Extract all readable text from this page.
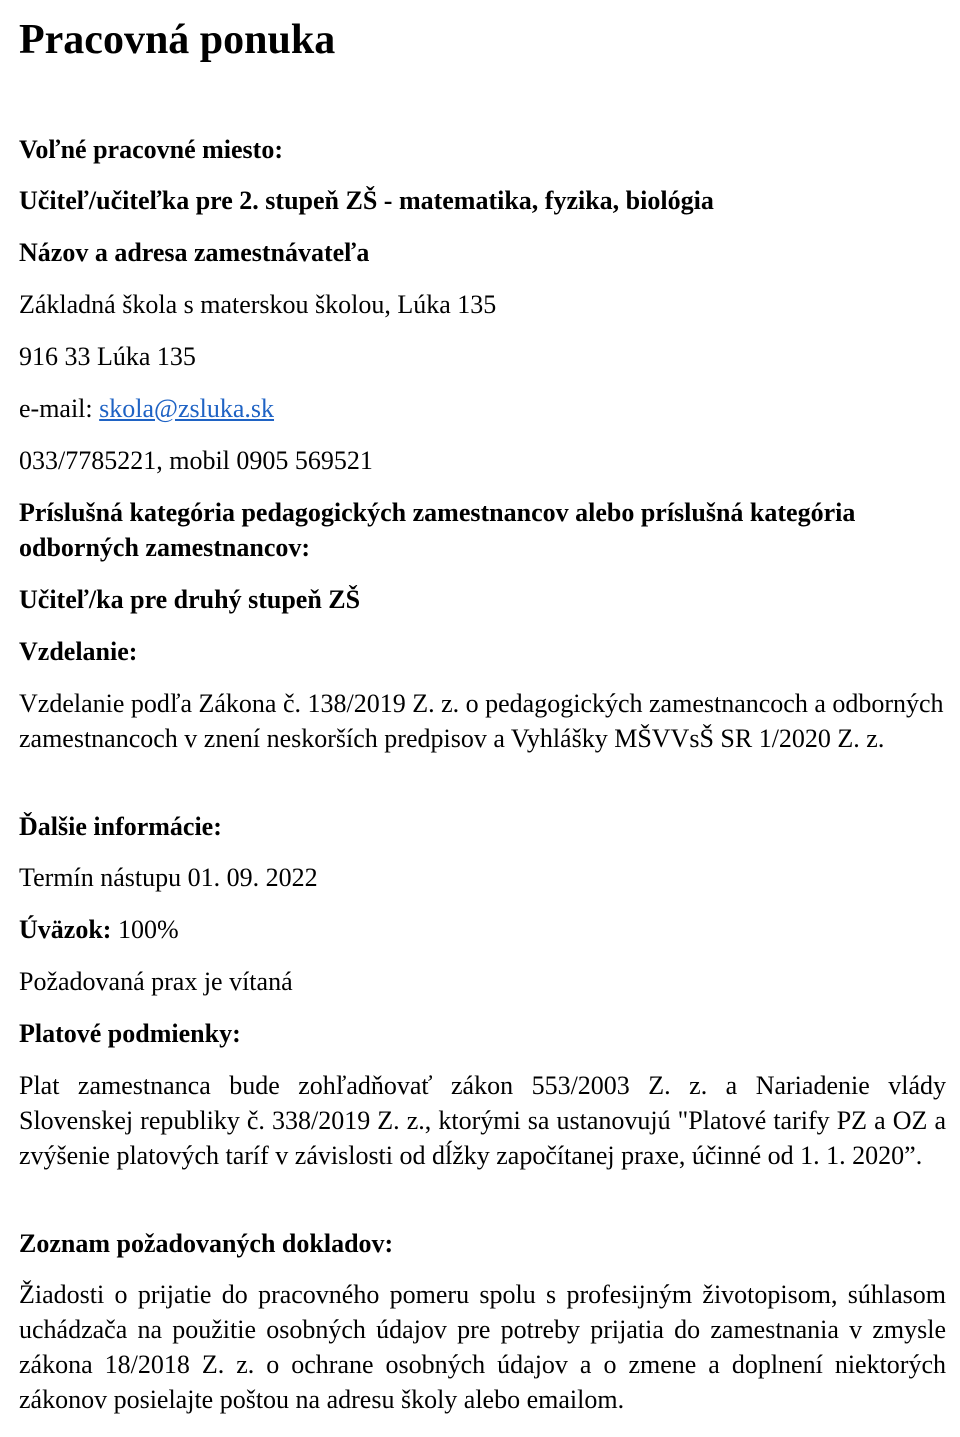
Pracovná ponuka
Voľné pracovné miesto:
Učiteľ/učiteľka pre 2. stupeň ZŠ - matematika, fyzika, biológia
Názov a adresa zamestnávateľa
Základná škola s materskou školou, Lúka 135
916 33 Lúka 135
e-mail: skola@zsluka.sk
033/7785221, mobil 0905 569521
Príslušná kategória pedagogických zamestnancov alebo príslušná kategória odborných zamestnancov:
Učiteľ/ka pre druhý stupeň ZŠ
Vzdelanie:
Vzdelanie podľa Zákona č. 138/2019 Z. z. o pedagogických zamestnancoch a odborných zamestnancoch v znení neskorších predpisov a Vyhlášky MŠVVsŠ SR 1/2020 Z. z.
Ďalšie informácie:
Termín nástupu 01. 09. 2022
Úväzok: 100%
Požadovaná prax je vítaná
Platové podmienky:
Plat zamestnanca bude zohľadňovať zákon 553/2003 Z. z. a Nariadenie vlády Slovenskej republiky č. 338/2019 Z. z., ktorými sa ustanovujú "Platové tarify PZ a OZ a zvýšenie platových taríf v závislosti od dĺžky započítanej praxe, účinné od 1. 1. 2020”.
Zoznam požadovaných dokladov:
Žiadosti o prijatie do pracovného pomeru spolu s profesijným životopisom, súhlasom uchádzača na použitie osobných údajov pre potreby prijatia do zamestnania v zmysle zákona 18/2018 Z. z. o ochrane osobných údajov a o zmene a doplnení niektorých zákonov posielajte poštou na adresu školy alebo emailom.
